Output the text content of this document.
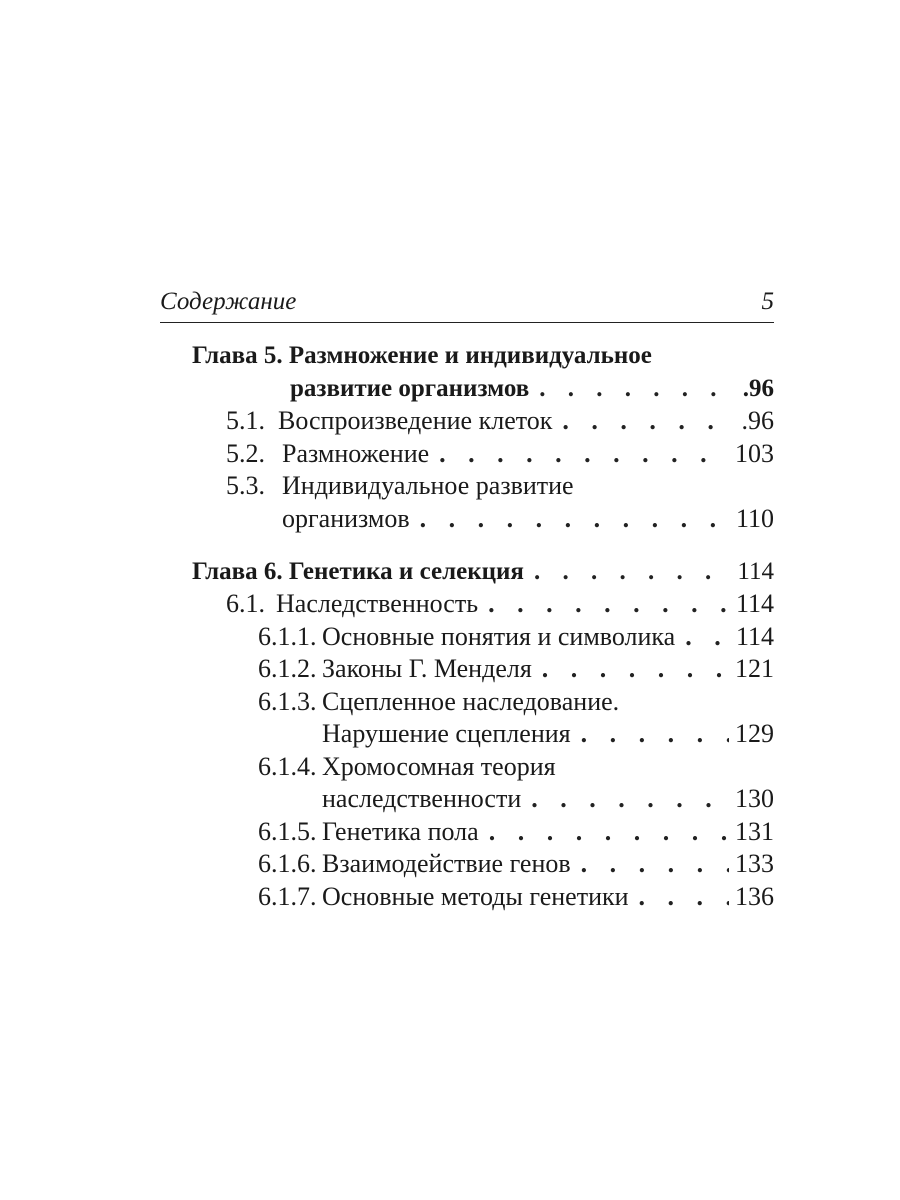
Содержание	5
Глава 5. Размножение и индивидуальное
развитие организмов . . .	.96
5.1. Воспроизведение клеток . . .	.96
5.2. Размножение . . .	103
5.3. Индивидуальное развитие
организмов . . .	110
Глава 6. Генетика и селекция . . .	114
6.1. Наследственность . . .	114
6.1.1. Основные понятия и символика . . . 114
6.1.2. Законы Г. Менделя . . .	121
6.1.3. Сцепленное наследование.
Нарушение сцепления . . .	129
6.1.4. Хромосомная теория
наследственности . . .	130
6.1.5. Генетика пола . . .	131
6.1.6. Взаимодействие генов . . .	133
6.1.7. Основные методы генетики . . .	136
